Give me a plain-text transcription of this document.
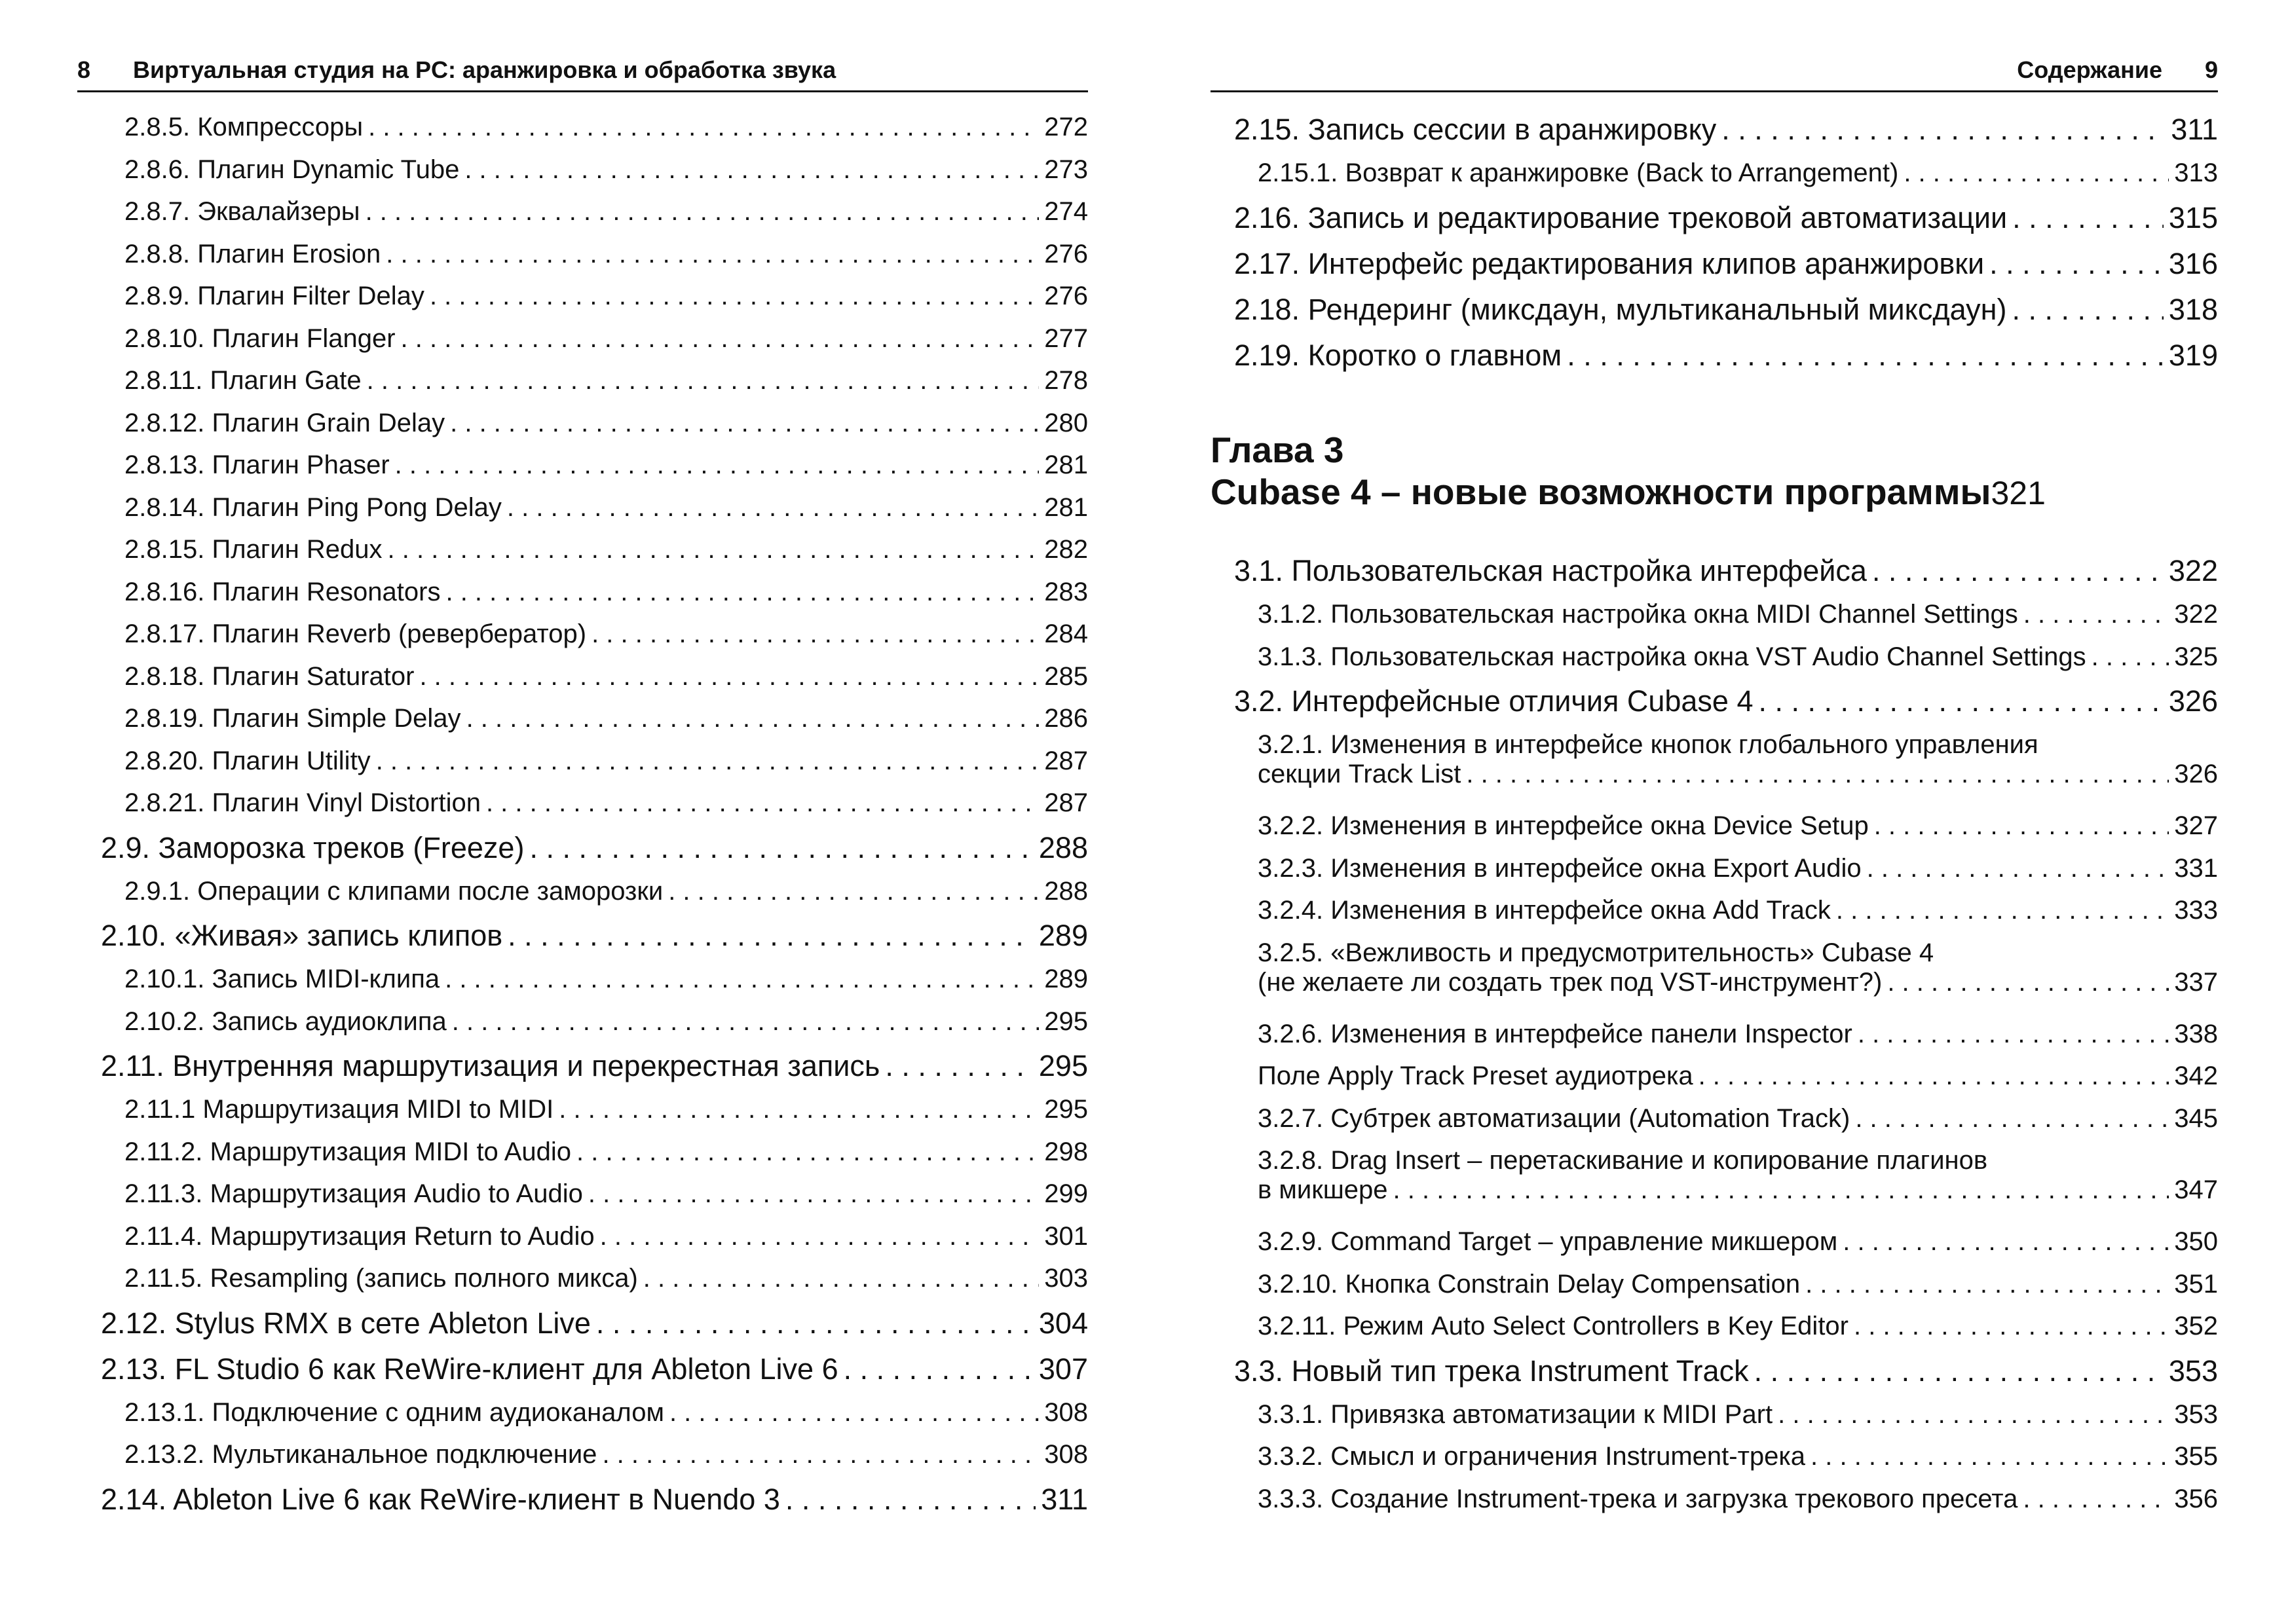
8 Виртуальная студия на PC: аранжировка и обработка звука
2.8.5. Компрессоры . . .	272
2.8.6. Плагин Dynamic Tube . . .	273
2.8.7. Эквалайзеры . . .	274
2.8.8. Плагин Erosion . . .	276
2.8.9. Плагин Filter Delay . . .	276
2.8.10. Плагин Flanger . . .	277
2.8.11. Плагин Gate . . .	278
2.8.12. Плагин Grain Delay . . .	280
2.8.13. Плагин Phaser . . .	281
2.8.14. Плагин Ping Pong Delay . . .	281
2.8.15. Плагин Redux . . .	282
2.8.16. Плагин Resonators . . .	283
2.8.17. Плагин Reverb (ревербератор) . . .	284
2.8.18. Плагин Saturator . . .	285
2.8.19. Плагин Simple Delay . . .	286
2.8.20. Плагин Utility . . .	287
2.8.21. Плагин Vinyl Distortion . . .	287
2.9. Заморозка треков (Freeze) . . .	288
2.9.1. Операции с клипами после заморозки . . .	288
2.10. «Живая» запись клипов . . .	289
2.10.1. Запись MIDI-клипа . . .	289
2.10.2. Запись аудиоклипа . . .	295
2.11. Внутренняя маршрутизация и перекрестная запись . . .	295
2.11.1 Маршрутизация MIDI to MIDI . . .	295
2.11.2. Маршрутизация MIDI to Audio . . .	298
2.11.3. Маршрутизация Audio to Audio . . .	299
2.11.4. Маршрутизация Return to Audio . . .	301
2.11.5. Resampling (запись полного микса) . . .	303
2.12. Stylus RMX в сете Ableton Live . . .	304
2.13. FL Studio 6 как ReWire-клиент для Ableton Live 6 . . .	307
2.13.1. Подключение с одним аудиоканалом . . .	308
2.13.2. Мультиканальное подключение . . .	308
2.14. Ableton Live 6 как ReWire-клиент в Nuendo 3 . . .	311
Содержание 9
2.15. Запись сессии в аранжировку . . .	311
2.15.1. Возврат к аранжировке (Back to Arrangement) . . .	313
2.16. Запись и редактирование трековой автоматизации . . .	315
2.17. Интерфейс редактирования клипов аранжировки . . .	316
2.18. Рендеринг (миксдаун, мультиканальный миксдаун) . . .	318
2.19. Коротко о главном . . .	319
Глава 3
Cubase 4 – новые возможности программы 321
3.1. Пользовательская настройка интерфейса . . .	322
3.1.2. Пользовательская настройка окна MIDI Channel Settings . . .	322
3.1.3. Пользовательская настройка окна VST Audio Channel Settings . . .	325
3.2. Интерфейсные отличия Cubase 4 . . .	326
3.2.1. Изменения в интерфейсе кнопок глобального управления
секции Track List . . .	326
3.2.2. Изменения в интерфейсе окна Device Setup . . .	327
3.2.3. Изменения в интерфейсе окна Export Audio . . .	331
3.2.4. Изменения в интерфейсе окна Add Track . . .	333
3.2.5. «Вежливость и предусмотрительность» Cubase 4
(не желаете ли создать трек под VST-инструмент?) . . .	337
3.2.6. Изменения в интерфейсе панели Inspector . . .	338
Поле Apply Track Preset аудиотрека . . .	342
3.2.7. Субтрек автоматизации (Automation Track) . . .	345
3.2.8. Drag Insert – перетаскивание и копирование плагинов
в микшере . . .	347
3.2.9. Command Target – управление микшером . . .	350
3.2.10. Кнопка Constrain Delay Compensation . . .	351
3.2.11. Режим Auto Select Controllers в Key Editor . . .	352
3.3. Новый тип трека Instrument Track . . .	353
3.3.1. Привязка автоматизации к MIDI Part . . .	353
3.3.2. Смысл и ограничения Instrument-трека . . .	355
3.3.3. Создание Instrument-трека и загрузка трекового пресета . . .	356
